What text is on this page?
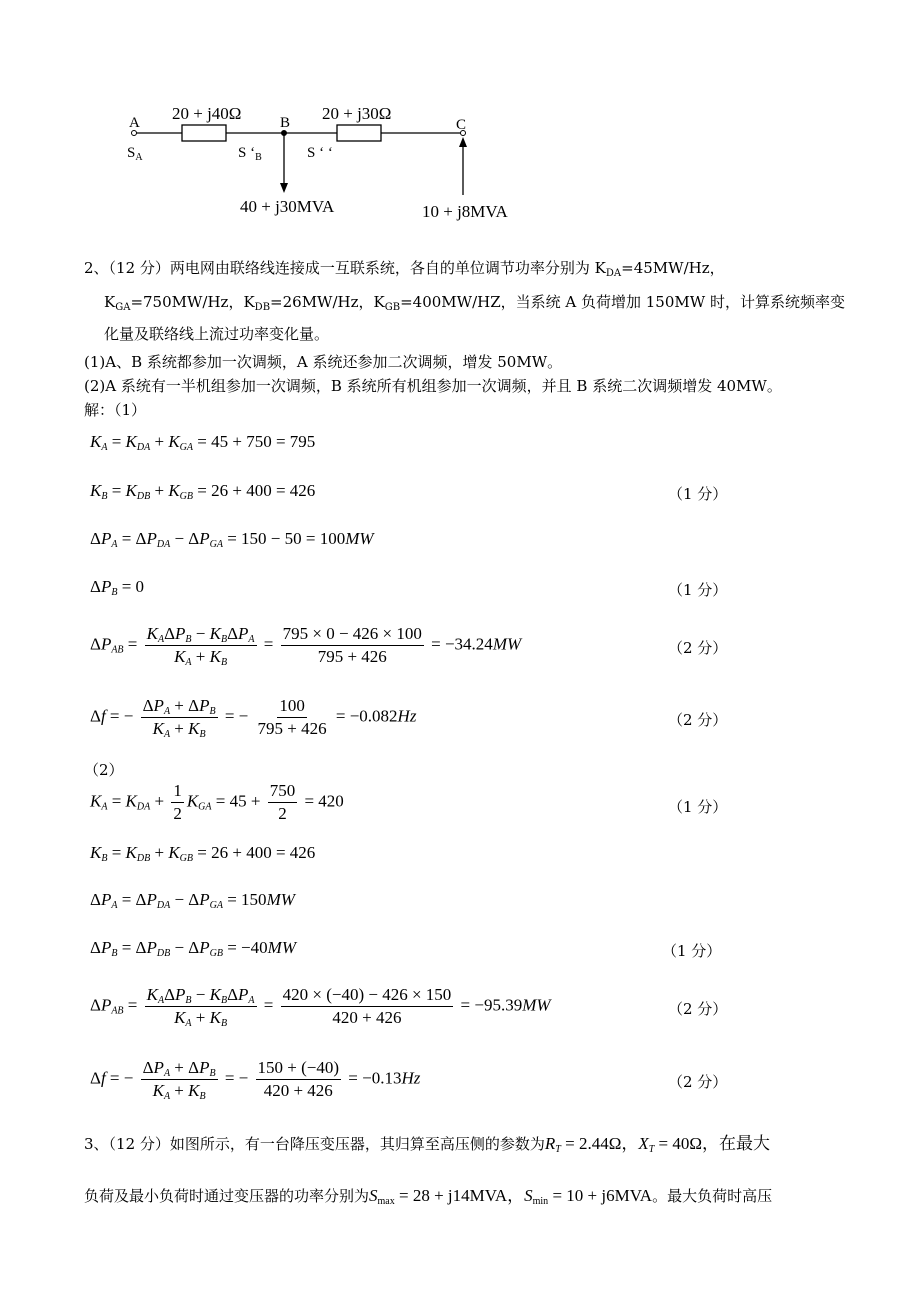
A	B	C
20 + j40Ω	20 + j30Ω
$S_A$	S ‘$_B$	S ‘ ‘
40 + j30MVA	10 + j8MVA
2、（12 分）两电网由联络线连接成一互联系统，各自的单位调节功率分别为 $K_{DA}=45MW/Hz$，
$K_{GA}=750MW/Hz$，$K_{DB}=26MW/Hz$，$K_{GB}=400MW/HZ$，当系统 A 负荷增加 150MW 时，计算系统频率变
化量及联络线上流过功率变化量。
(1)A、B 系统都参加一次调频，A 系统还参加二次调频，增发 50MW。
(2)A 系统有一半机组参加一次调频，B 系统所有机组参加一次调频，并且 B 系统二次调频增发 40MW。
解：（1）
$K_A = K_{DA} + K_{GA} = 45 + 750 = 795$
$K_B = K_{DB} + K_{GB} = 26 + 400 = 426$	（1 分）
$\Delta P_A = \Delta P_{DA} - \Delta P_{GA} = 150 - 50 = 100MW$
$\Delta P_B = 0$	（1 分）
$\Delta P_{AB} = \frac{K_A\Delta P_B - K_B\Delta P_A}{K_A + K_B} = \frac{795 \times 0 - 426 \times 100}{795 + 426} = -34.24MW$	（2 分）
Δf = − $\frac{\Delta P_A + \Delta P_B}{K_A + K_B}$ = − $\frac{100}{795 + 426} = -0.082Hz$	（2 分）
（2）
$K_A = K_{DA} + \frac{1}{2} K_{GA} = 45 + \frac{750}{2} = 420$	（1 分）
$K_B = K_{DB} + K_{GB} = 26 + 400 = 426$
$\Delta P_A = \Delta P_{DA} - \Delta P_{GA} = 150MW$
$\Delta P_B = \Delta P_{DB} - \Delta P_{GB} = -40MW$	（1 分）
$\Delta P_{AB} = \frac{K_A\Delta P_B - K_B\Delta P_A}{K_A + K_B} = \frac{420 \times (-40) - 426 \times 150}{420 + 426} = -95.39MW$	（2 分）
Δf = − $\frac{\Delta P_A + \Delta P_B}{K_A + K_B}$ = − $\frac{150 + (-40)}{420 + 426} = -0.13Hz$	（2 分）
3、（12 分）如图所示，有一台降压变压器，其归算至高压侧的参数为$R_T = 2.44\Omega$，$X_T = 40\Omega$，在最大
负荷及最小负荷时通过变压器的功率分别为$S_{max} = 28 + j14MVA$，$S_{min} = 10 + j6MVA$。最大负荷时高压
